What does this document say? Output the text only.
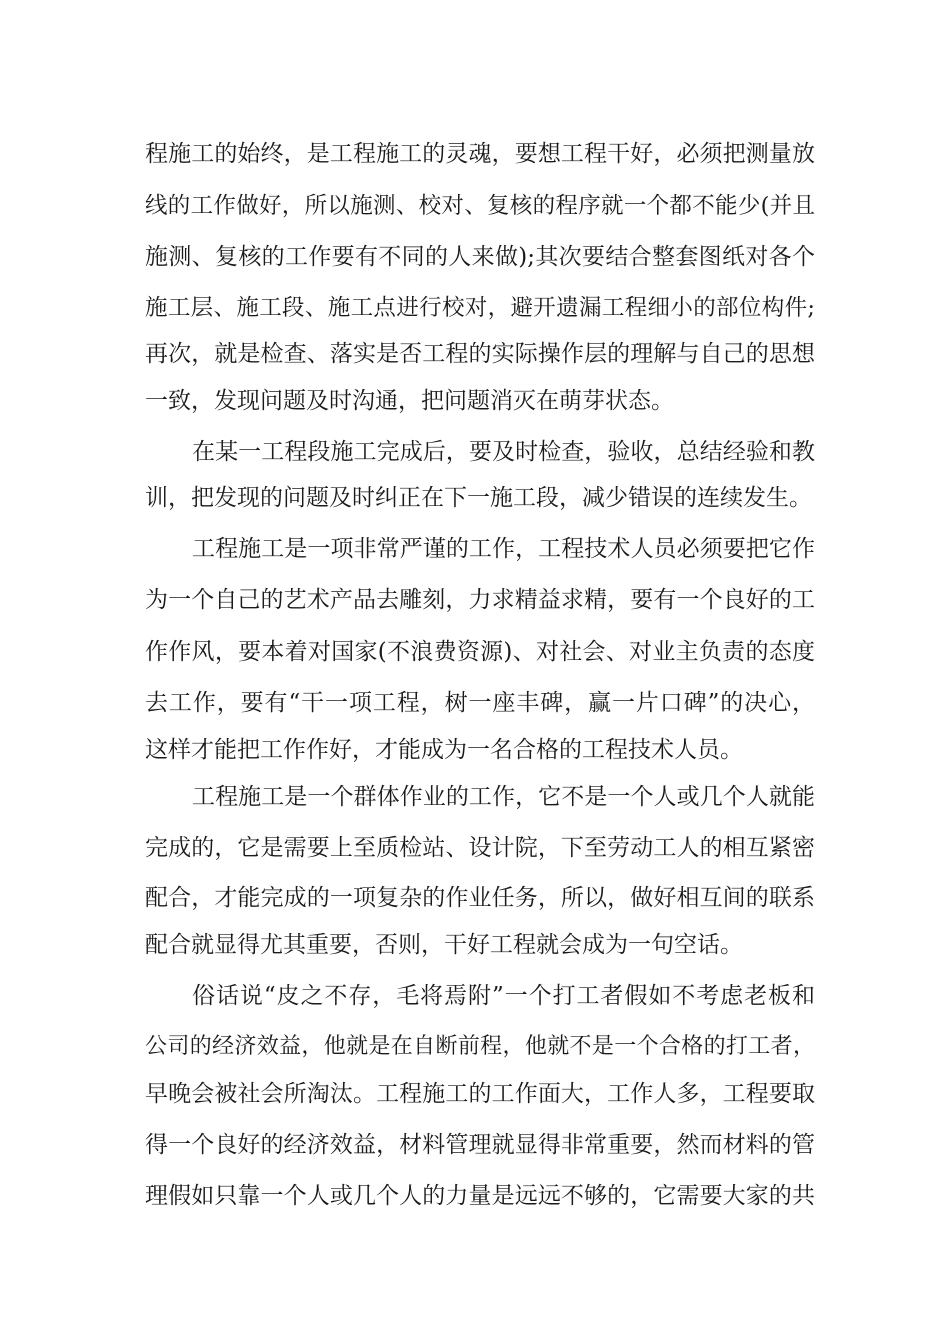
程施工的始终，是工程施工的灵魂，要想工程干好，必须把测量放
线的工作做好，所以施测、校对、复核的程序就一个都不能少(并且
施测、复核的工作要有不同的人来做);其次要结合整套图纸对各个
施工层、施工段、施工点进行校对，避开遗漏工程细小的部位构件;
再次，就是检查、落实是否工程的实际操作层的理解与自己的思想
一致，发现问题及时沟通，把问题消灭在萌芽状态。
在某一工程段施工完成后，要及时检查，验收，总结经验和教
训，把发现的问题及时纠正在下一施工段，减少错误的连续发生。
工程施工是一项非常严谨的工作，工程技术人员必须要把它作
为一个自己的艺术产品去雕刻，力求精益求精，要有一个良好的工
作作风，要本着对国家(不浪费资源)、对社会、对业主负责的态度
去工作，要有“干一项工程，树一座丰碑，赢一片口碑”的决心，
这样才能把工作作好，才能成为一名合格的工程技术人员。
工程施工是一个群体作业的工作，它不是一个人或几个人就能
完成的，它是需要上至质检站、设计院，下至劳动工人的相互紧密
配合，才能完成的一项复杂的作业任务，所以，做好相互间的联系
配合就显得尤其重要，否则，干好工程就会成为一句空话。
俗话说“皮之不存，毛将焉附”一个打工者假如不考虑老板和
公司的经济效益，他就是在自断前程，他就不是一个合格的打工者，
早晚会被社会所淘汰。工程施工的工作面大，工作人多，工程要取
得一个良好的经济效益，材料管理就显得非常重要，然而材料的管
理假如只靠一个人或几个人的力量是远远不够的，它需要大家的共
